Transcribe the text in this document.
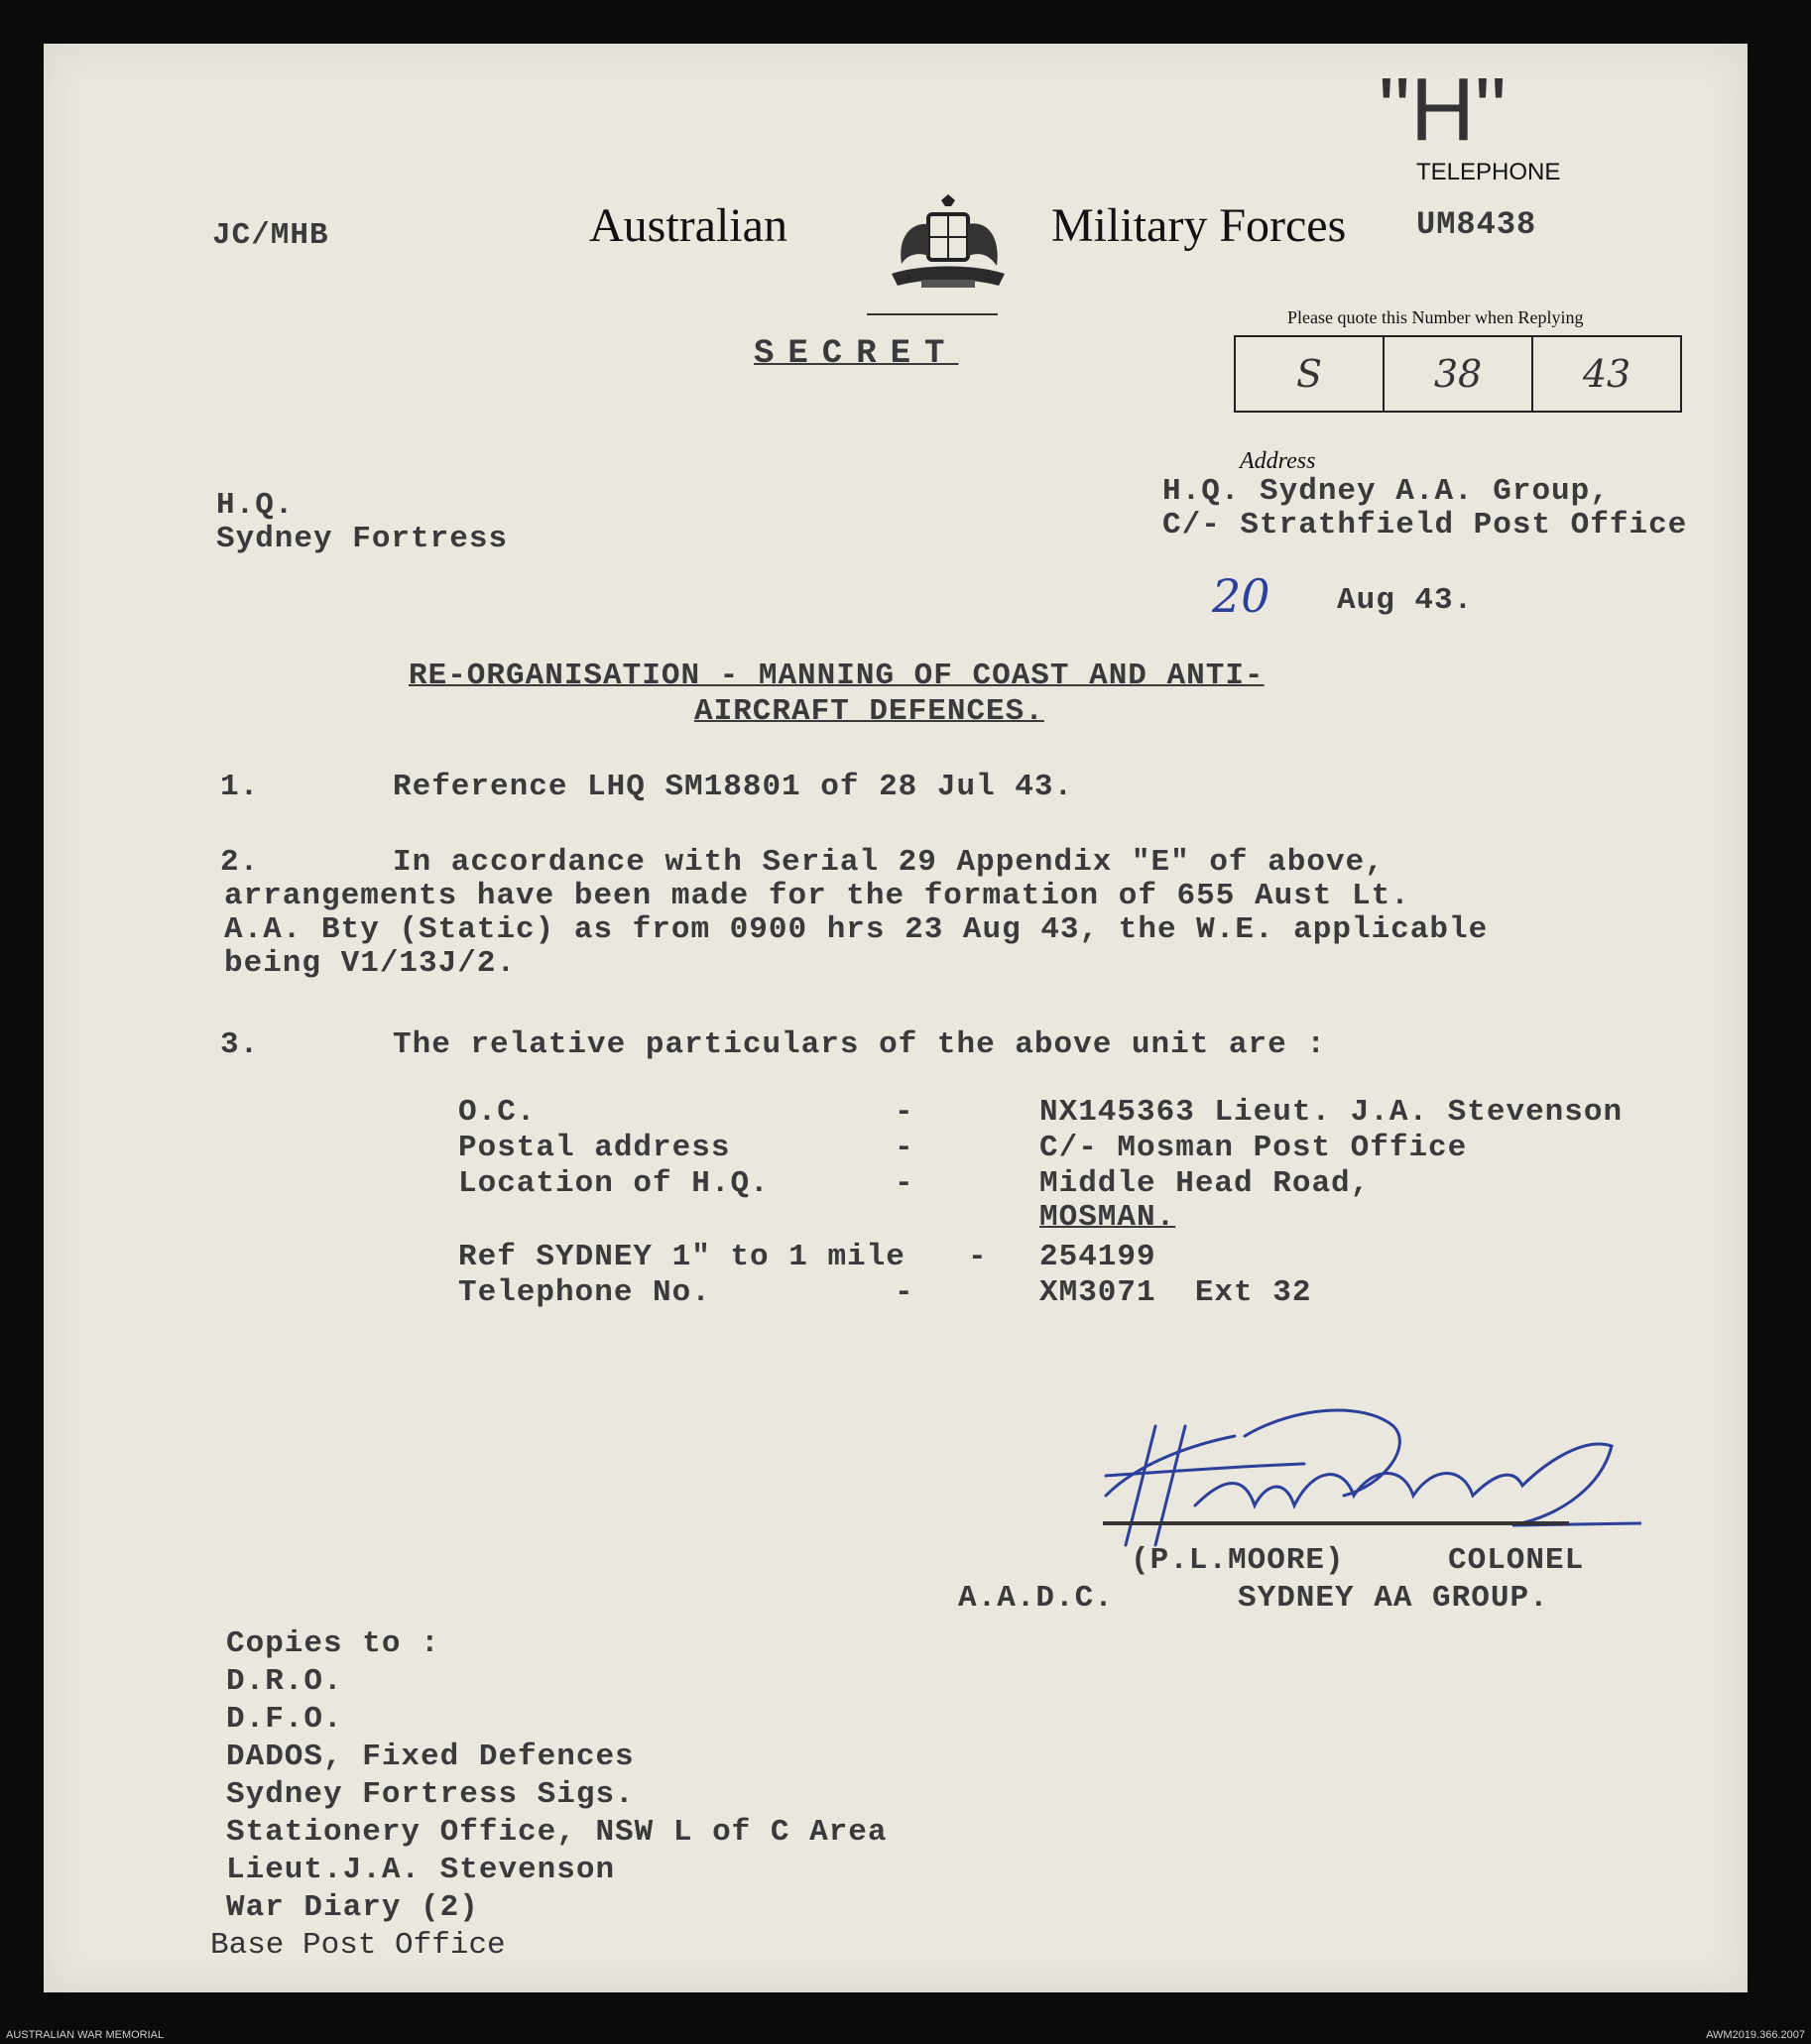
JC/MHB	Australian

	Military Forces
"H"
TELEPHONE
UM8438
SECRET
Please quote this Number when Replying
S	38	43
Address
H.Q. Sydney A.A. Group,
C/- Strathfield Post Office
H.Q.
Sydney Fortress
20 Aug 43.
RE-ORGANISATION - MANNING OF COAST AND ANTI-
AIRCRAFT DEFENCES.
1.	Reference LHQ SM18801 of 28 Jul 43.
2.	In accordance with Serial 29 Appendix "E" of above,
arrangements have been made for the formation of 655 Aust Lt.
A.A. Bty (Static) as from 0900 hrs 23 Aug 43, the W.E. applicable
being V1/13J/2.
3.	The relative particulars of the above unit are :
O.C.	-	NX145363 Lieut. J.A. Stevenson
Postal address	-	C/- Mosman Post Office
Location of H.Q.	-	Middle Head Road,
MOSMAN.
Ref SYDNEY 1" to 1 mile - 254199
Telephone No.	-	XM3071  Ext 32

(P.L.MOORE)	COLONEL
A.A.D.C.	SYDNEY AA GROUP.
Copies to :
D.R.O.
D.F.O.
DADOS, Fixed Defences
Sydney Fortress Sigs.
Stationery Office, NSW L of C Area
Lieut.J.A. Stevenson
War Diary (2)
Base Post Office
AUSTRALIAN WAR MEMORIAL	AWM2019.366.2007
